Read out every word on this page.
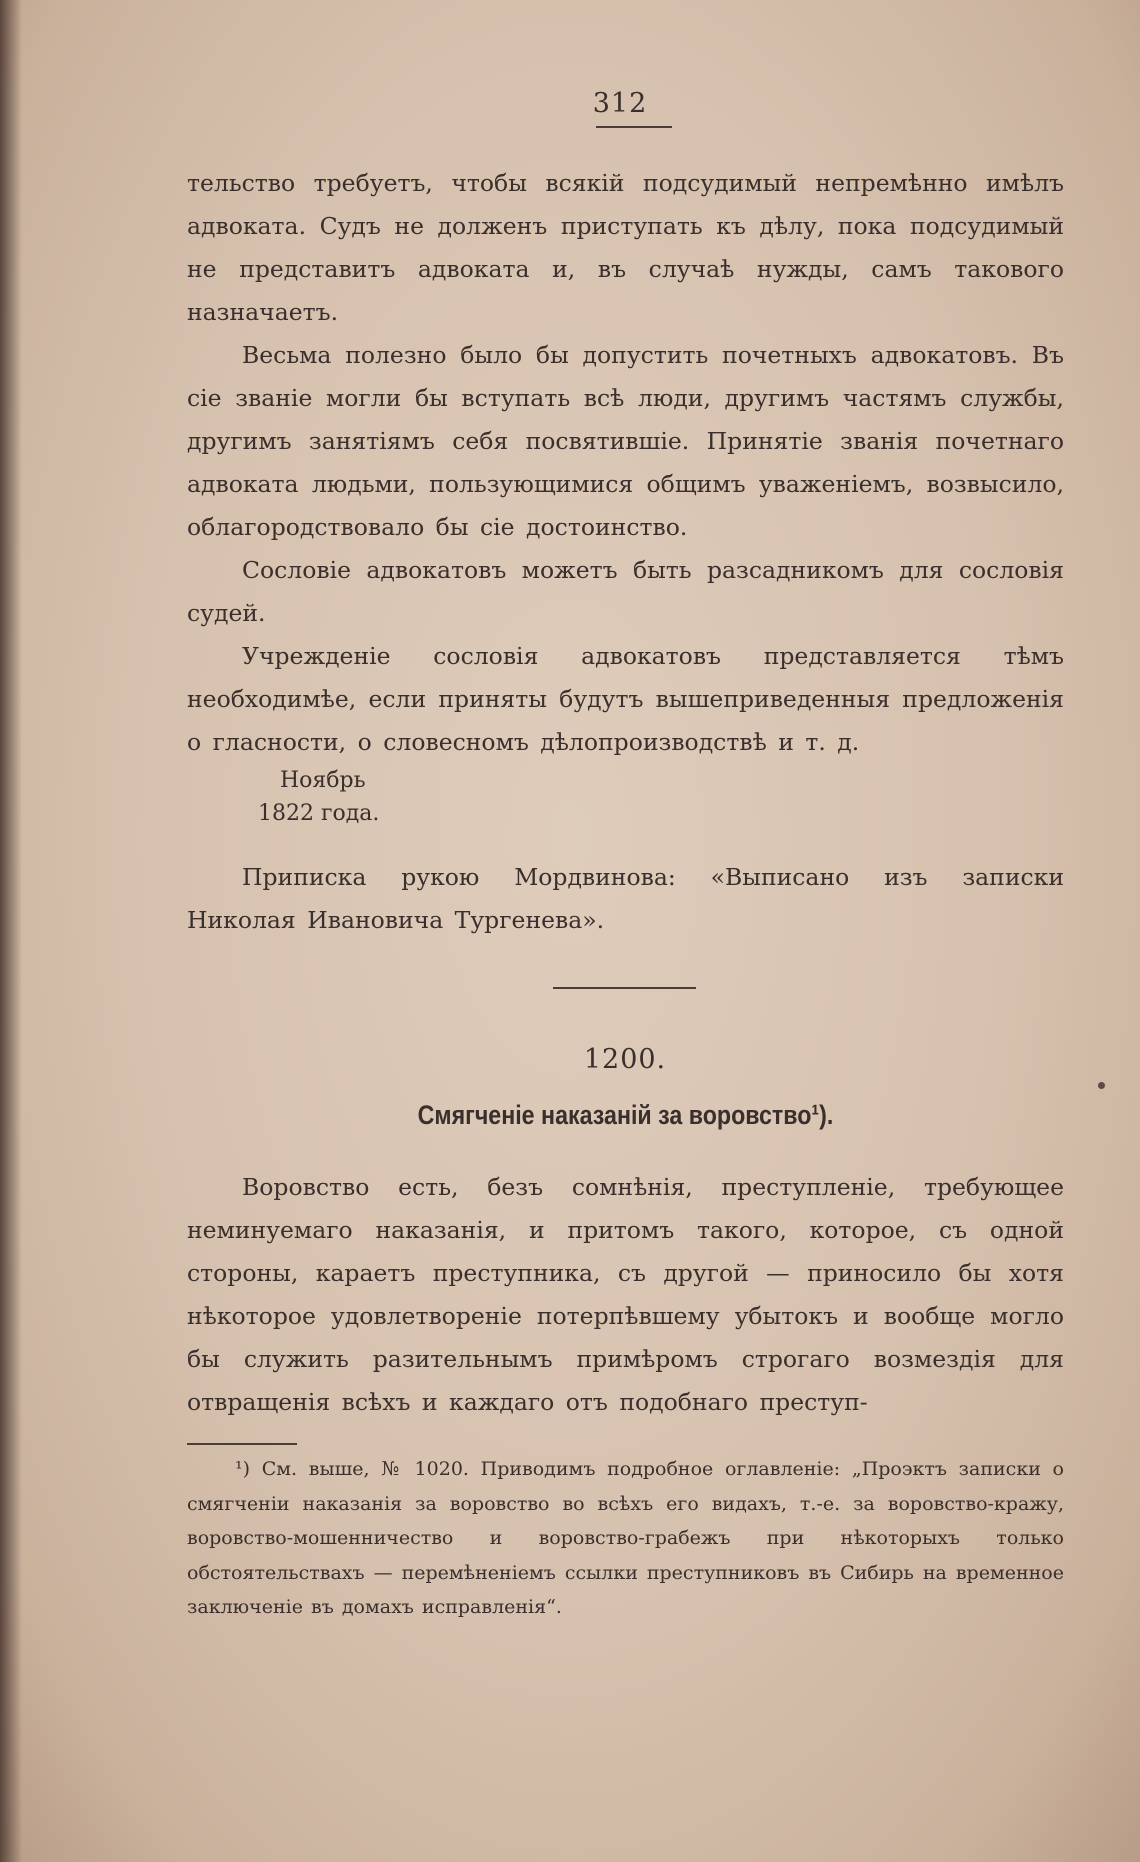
312

тельство требуетъ, чтобы всякій подсудимый непремѣнно имѣлъ адвоката. Судъ не долженъ приступать къ дѣлу, пока подсудимый не представитъ адвоката и, въ случаѣ нужды, самъ такового назначаетъ.

Весьма полезно было бы допустить почетныхъ адвокатовъ. Въ сіе званіе могли бы вступать всѣ люди, другимъ частямъ службы, другимъ занятіямъ себя посвятившіе. Принятіе званія почетнаго адвоката людьми, пользующимися общимъ уваженіемъ, возвысило, облагородствовало бы сіе достоинство.

Сословіе адвокатовъ можетъ быть разсадникомъ для сословія судей.

Учрежденіе сословія адвокатовъ представляется тѣмъ необходимѣе, если приняты будутъ вышеприведенныя предложенія о гласности, о словесномъ дѣлопроизводствѣ и т. д.

Ноябрь
1822 года.

Приписка рукою Мордвинова: «Выписано изъ записки Николая Ивановича Тургенева».

1200.
Смягченіе наказаній за воровство¹).

Воровство есть, безъ сомнѣнія, преступленіе, требующее неминуемаго наказанія, и притомъ такого, которое, съ одной стороны, караетъ преступника, съ другой — приносило бы хотя нѣкоторое удовлетвореніе потерпѣвшему убытокъ и вообще могло бы служить разительнымъ примѣромъ строгаго возмездія для отвращенія всѣхъ и каждаго отъ подобнаго преступ-

¹) См. выше, № 1020. Приводимъ подробное оглавленіе: „Проэктъ записки о смягченіи наказанія за воровство во всѣхъ его видахъ, т.-е. за воровство-кражу, воровство-мошенничество и воровство-грабежъ при нѣкоторыхъ только обстоятельствахъ — перемѣненіемъ ссылки преступниковъ въ Сибирь на временное заключеніе въ домахъ исправленія“.
